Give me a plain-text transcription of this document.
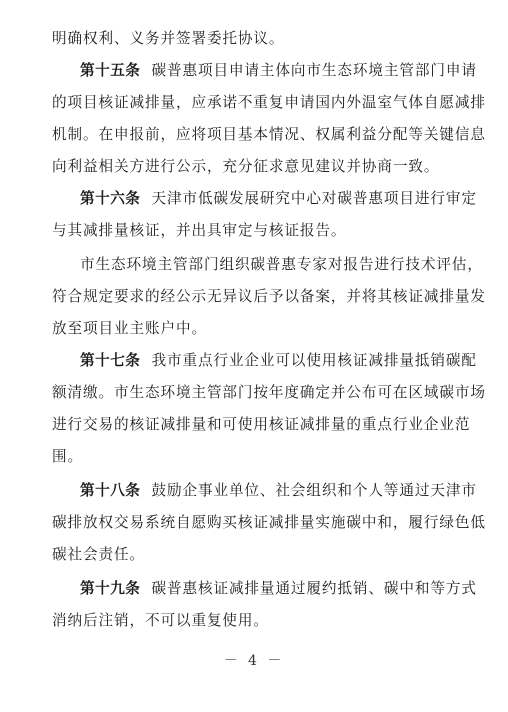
明确权利、义务并签署委托协议。
第十五条 碳普惠项目申请主体向市生态环境主管部门申请
的项目核证减排量，应承诺不重复申请国内外温室气体自愿减排
机制。在申报前，应将项目基本情况、权属利益分配等关键信息
向利益相关方进行公示，充分征求意见建议并协商一致。
第十六条 天津市低碳发展研究中心对碳普惠项目进行审定
与其减排量核证，并出具审定与核证报告。
市生态环境主管部门组织碳普惠专家对报告进行技术评估，
符合规定要求的经公示无异议后予以备案，并将其核证减排量发
放至项目业主账户中。
第十七条 我市重点行业企业可以使用核证减排量抵销碳配
额清缴。市生态环境主管部门按年度确定并公布可在区域碳市场
进行交易的核证减排量和可使用核证减排量的重点行业企业范
围。
第十八条 鼓励企事业单位、社会组织和个人等通过天津市
碳排放权交易系统自愿购买核证减排量实施碳中和，履行绿色低
碳社会责任。
第十九条 碳普惠核证减排量通过履约抵销、碳中和等方式
消纳后注销，不可以重复使用。
－ 4 －
